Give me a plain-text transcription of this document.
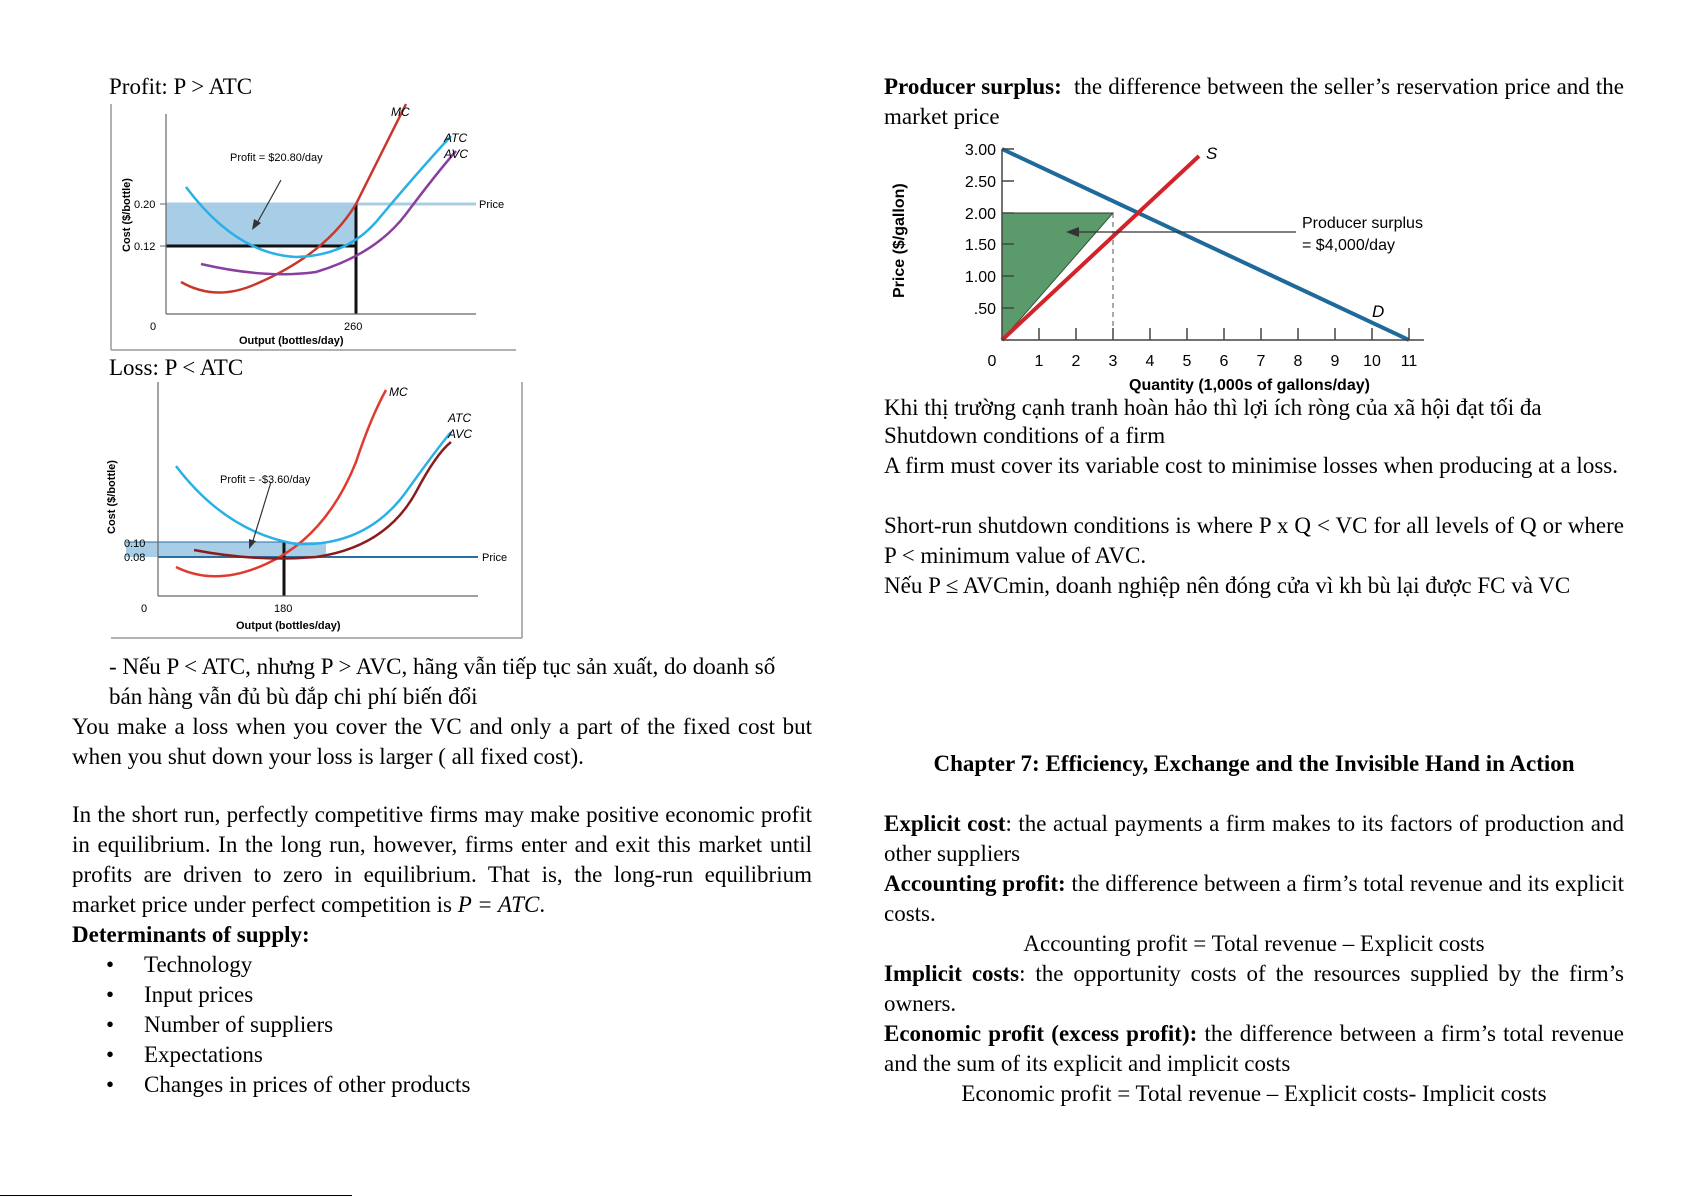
Profit: P > ATC

0.20
0.12
0	260
Output (bottles/day)
Cost ($/bottle)
MC
ATC
AVC
Price
Profit = $20.80/day

Loss: P < ATC

0.10
0.08
0	180
Output (bottles/day)
Cost ($/bottle)
MC
ATC
AVC
Price
Profit = -$3.60/day

- Nếu P < ATC, nhưng P > AVC, hãng vẫn tiếp tục sản xuất, do doanh số

bán hàng vẫn đủ bù đắp chi phí biến đổi

You make a loss when you cover the VC and only a part of the fixed cost but when you shut down your loss is larger ( all fixed cost).

In the short run, perfectly competitive firms may make positive economic profit in equilibrium. In the long run, however, firms enter and exit this market until profits are driven to zero in equilibrium. That is, the long-run equilibrium market price under perfect competition is P = ATC.

Determinants of supply:

• Technology
• Input prices
• Number of suppliers
• Expectations
• Changes in prices of other products

Producer surplus: the difference between the seller’s reservation price and the market price

3.00
2.50
2.00
1.50
1.00
.50
0 1 2 3 4 5 6 7 8 9 10 11
Quantity (1,000s of gallons/day)
Price ($/gallon)
S
D
Producer surplus
= $4,000/day

Khi thị trường cạnh tranh hoàn hảo thì lợi ích ròng của xã hội đạt tối đa

Shutdown conditions of a firm

A firm must cover its variable cost to minimise losses when producing at a loss.

Short-run shutdown conditions is where P x Q < VC for all levels of Q or where P < minimum value of AVC.

Nếu P ≤ AVCmin, doanh nghiệp nên đóng cửa vì kh bù lại được FC và VC

Chapter 7: Efficiency, Exchange and the Invisible Hand in Action

Explicit cost: the actual payments a firm makes to its factors of production and other suppliers

Accounting profit: the difference between a firm’s total revenue and its explicit costs.

Accounting profit = Total revenue – Explicit costs

Implicit costs: the opportunity costs of the resources supplied by the firm’s owners.

Economic profit (excess profit): the difference between a firm’s total revenue and the sum of its explicit and implicit costs

Economic profit = Total revenue – Explicit costs- Implicit costs
